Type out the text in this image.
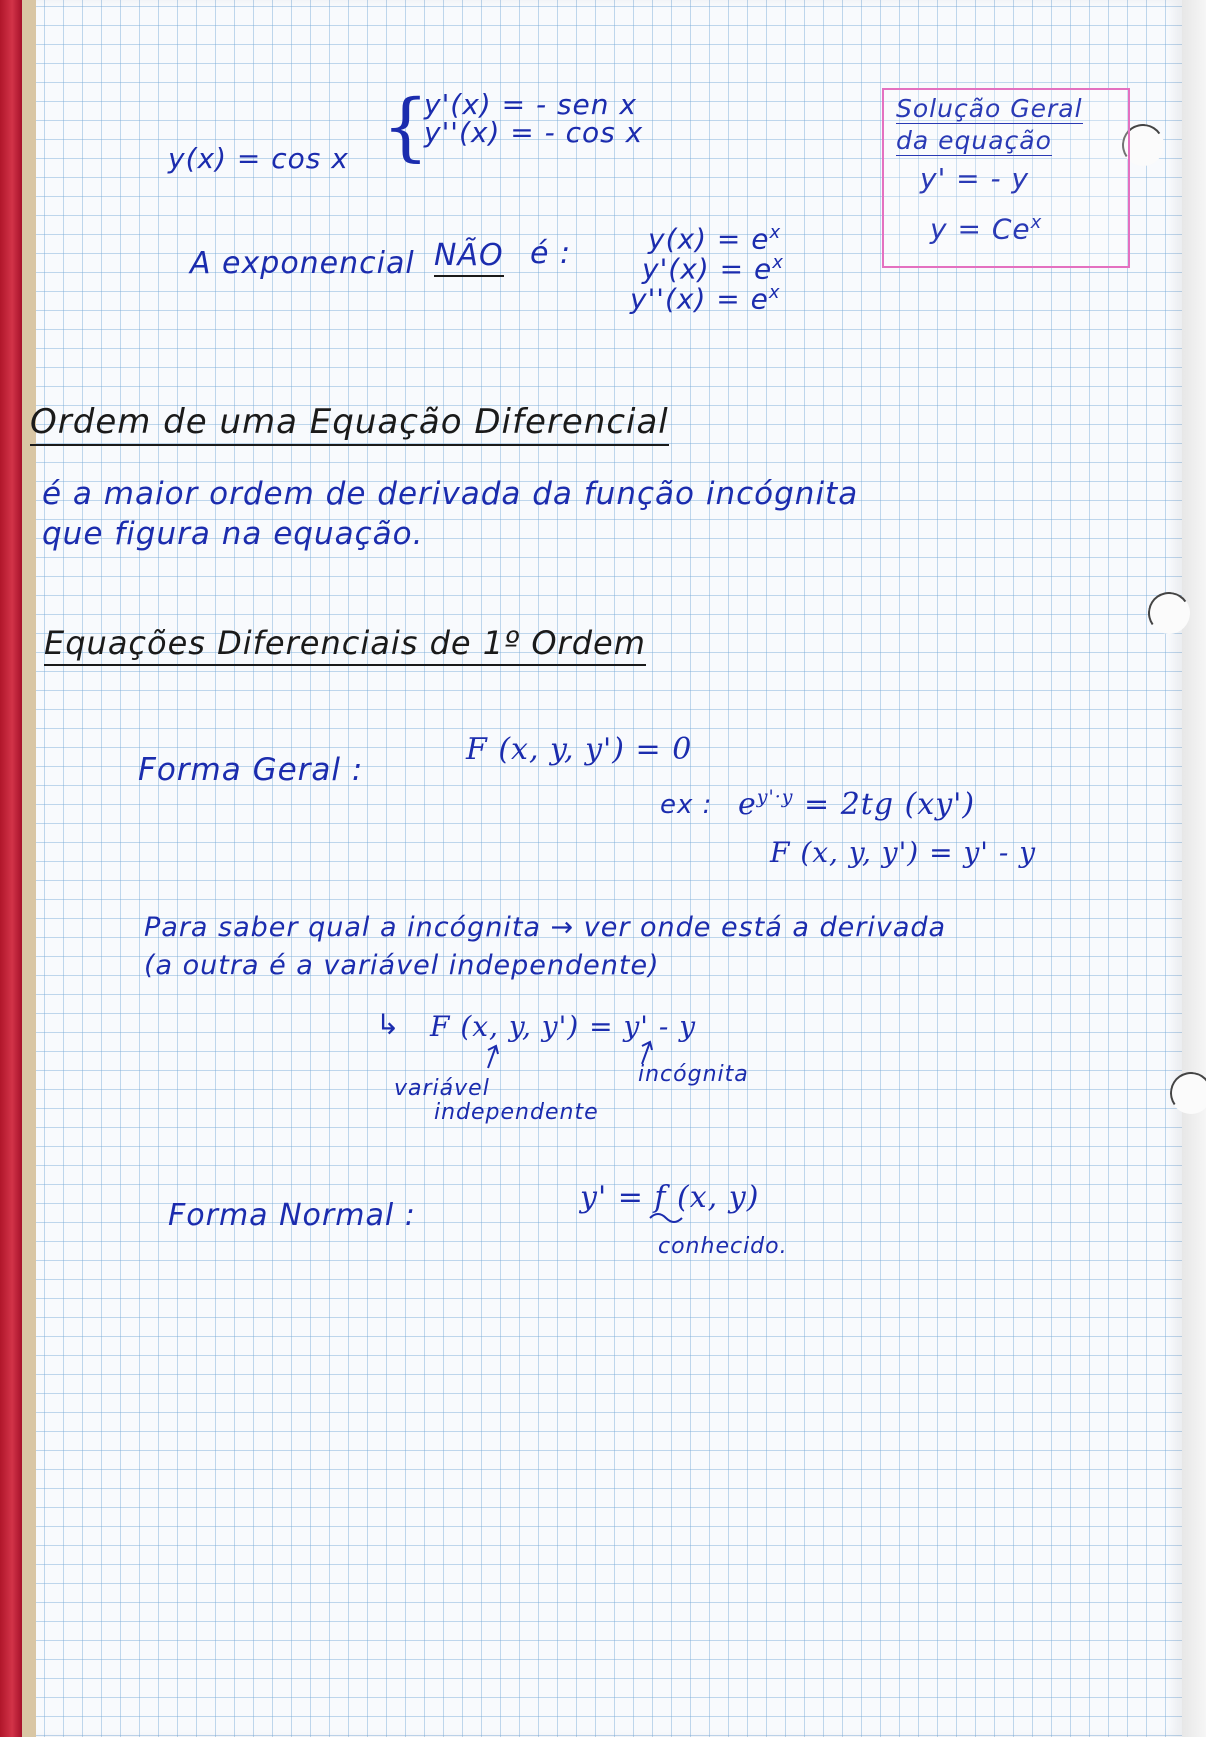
y(x) = cos x {

y'(x) = - sen x

y''(x) = - cos x

Solução Geral

da equação

y' = - y

$y = Ce^x$

A exponencial NÃO é :	$y(x) = e^x$

$y'(x) = e^x$

$y''(x) = e^x$

Ordem de uma Equação Diferencial

é a maior ordem de derivada da função incógnita

que figura na equação.

Equações Diferenciais de 1º Ordem

Forma Geral :

F (x, y, y') = 0

ex : $e^{y'\cdot y} = 2tg$ (xy')

F (x, y, y') = y' - y

Para saber qual a incógnita → ver onde está a derivada

(a outra é a variável independente)

↳ F (x, y, y') = y' - y

variável

independente

incógnita

Forma Normal :

y' = f (x, y)

conhecido.
